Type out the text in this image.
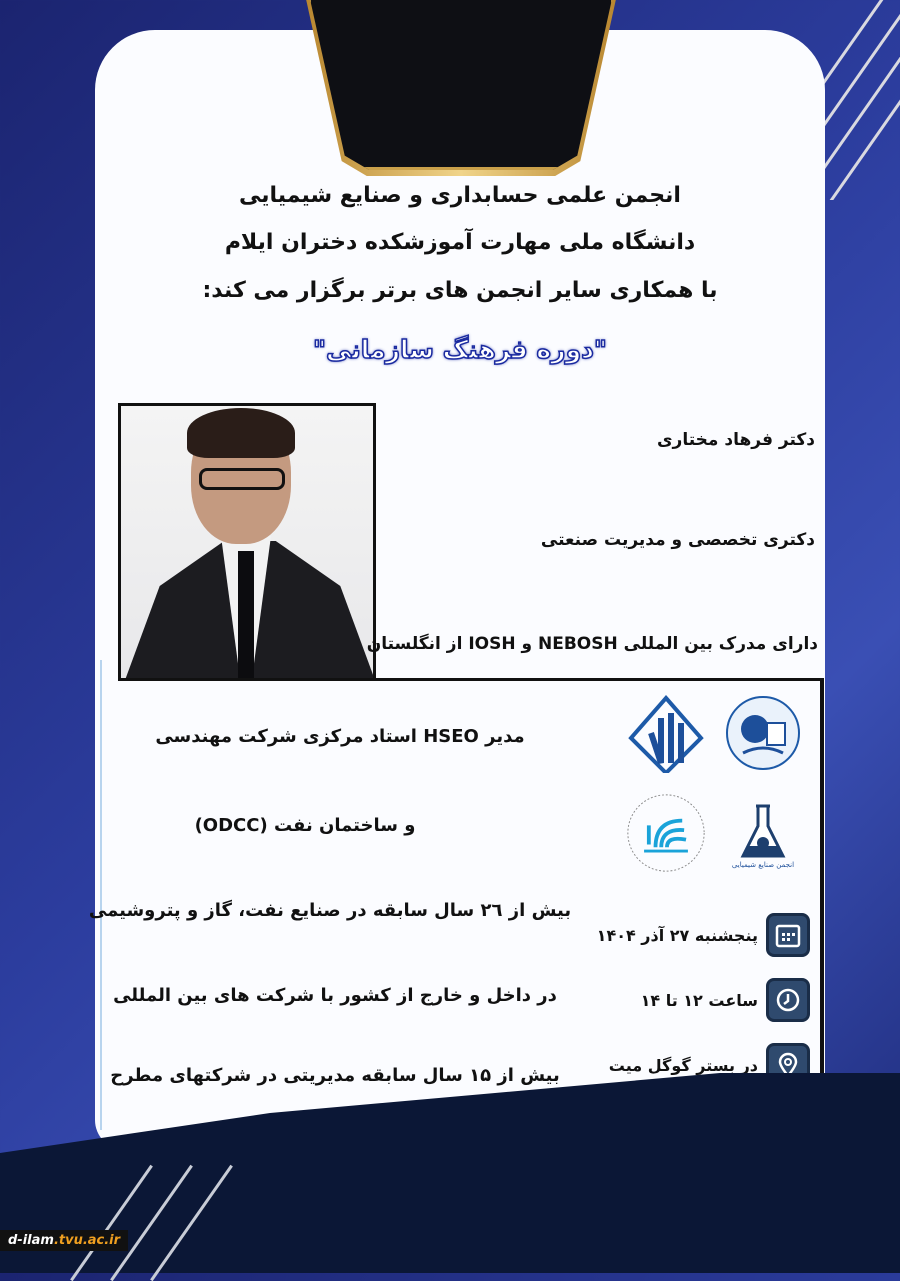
انجمن علمی حسابداری و صنایع شیمیایی
دانشگاه ملی مهارت آموزشکده دختران ایلام
با همکاری سایر انجمن های برتر برگزار می کند:
"دوره فرهنگ سازمانی"
دکتر فرهاد مختاری
دکتری تخصصی و مدیریت صنعتی
دارای مدرک بین المللی NEBOSH و IOSH از انگلستان
مدیر HSEO استاد مرکزی شرکت مهندسی
و ساختمان نفت (ODCC)
بیش از ۲٦ سال سابقه در صنایع نفت، گاز و پتروشیمی
در داخل و خارج از کشور با شرکت های بین المللی
بیش از ۱۵ سال سابقه مدیریتی در شرکتهای مطرح
انجمن صنایع شیمیایی
پنجشنبه ۲۷ آذر ۱۴۰۴
ساعت ۱۲ تا ۱۴
در بستر گوگل میت
d-ilam.tvu.ac.ir
